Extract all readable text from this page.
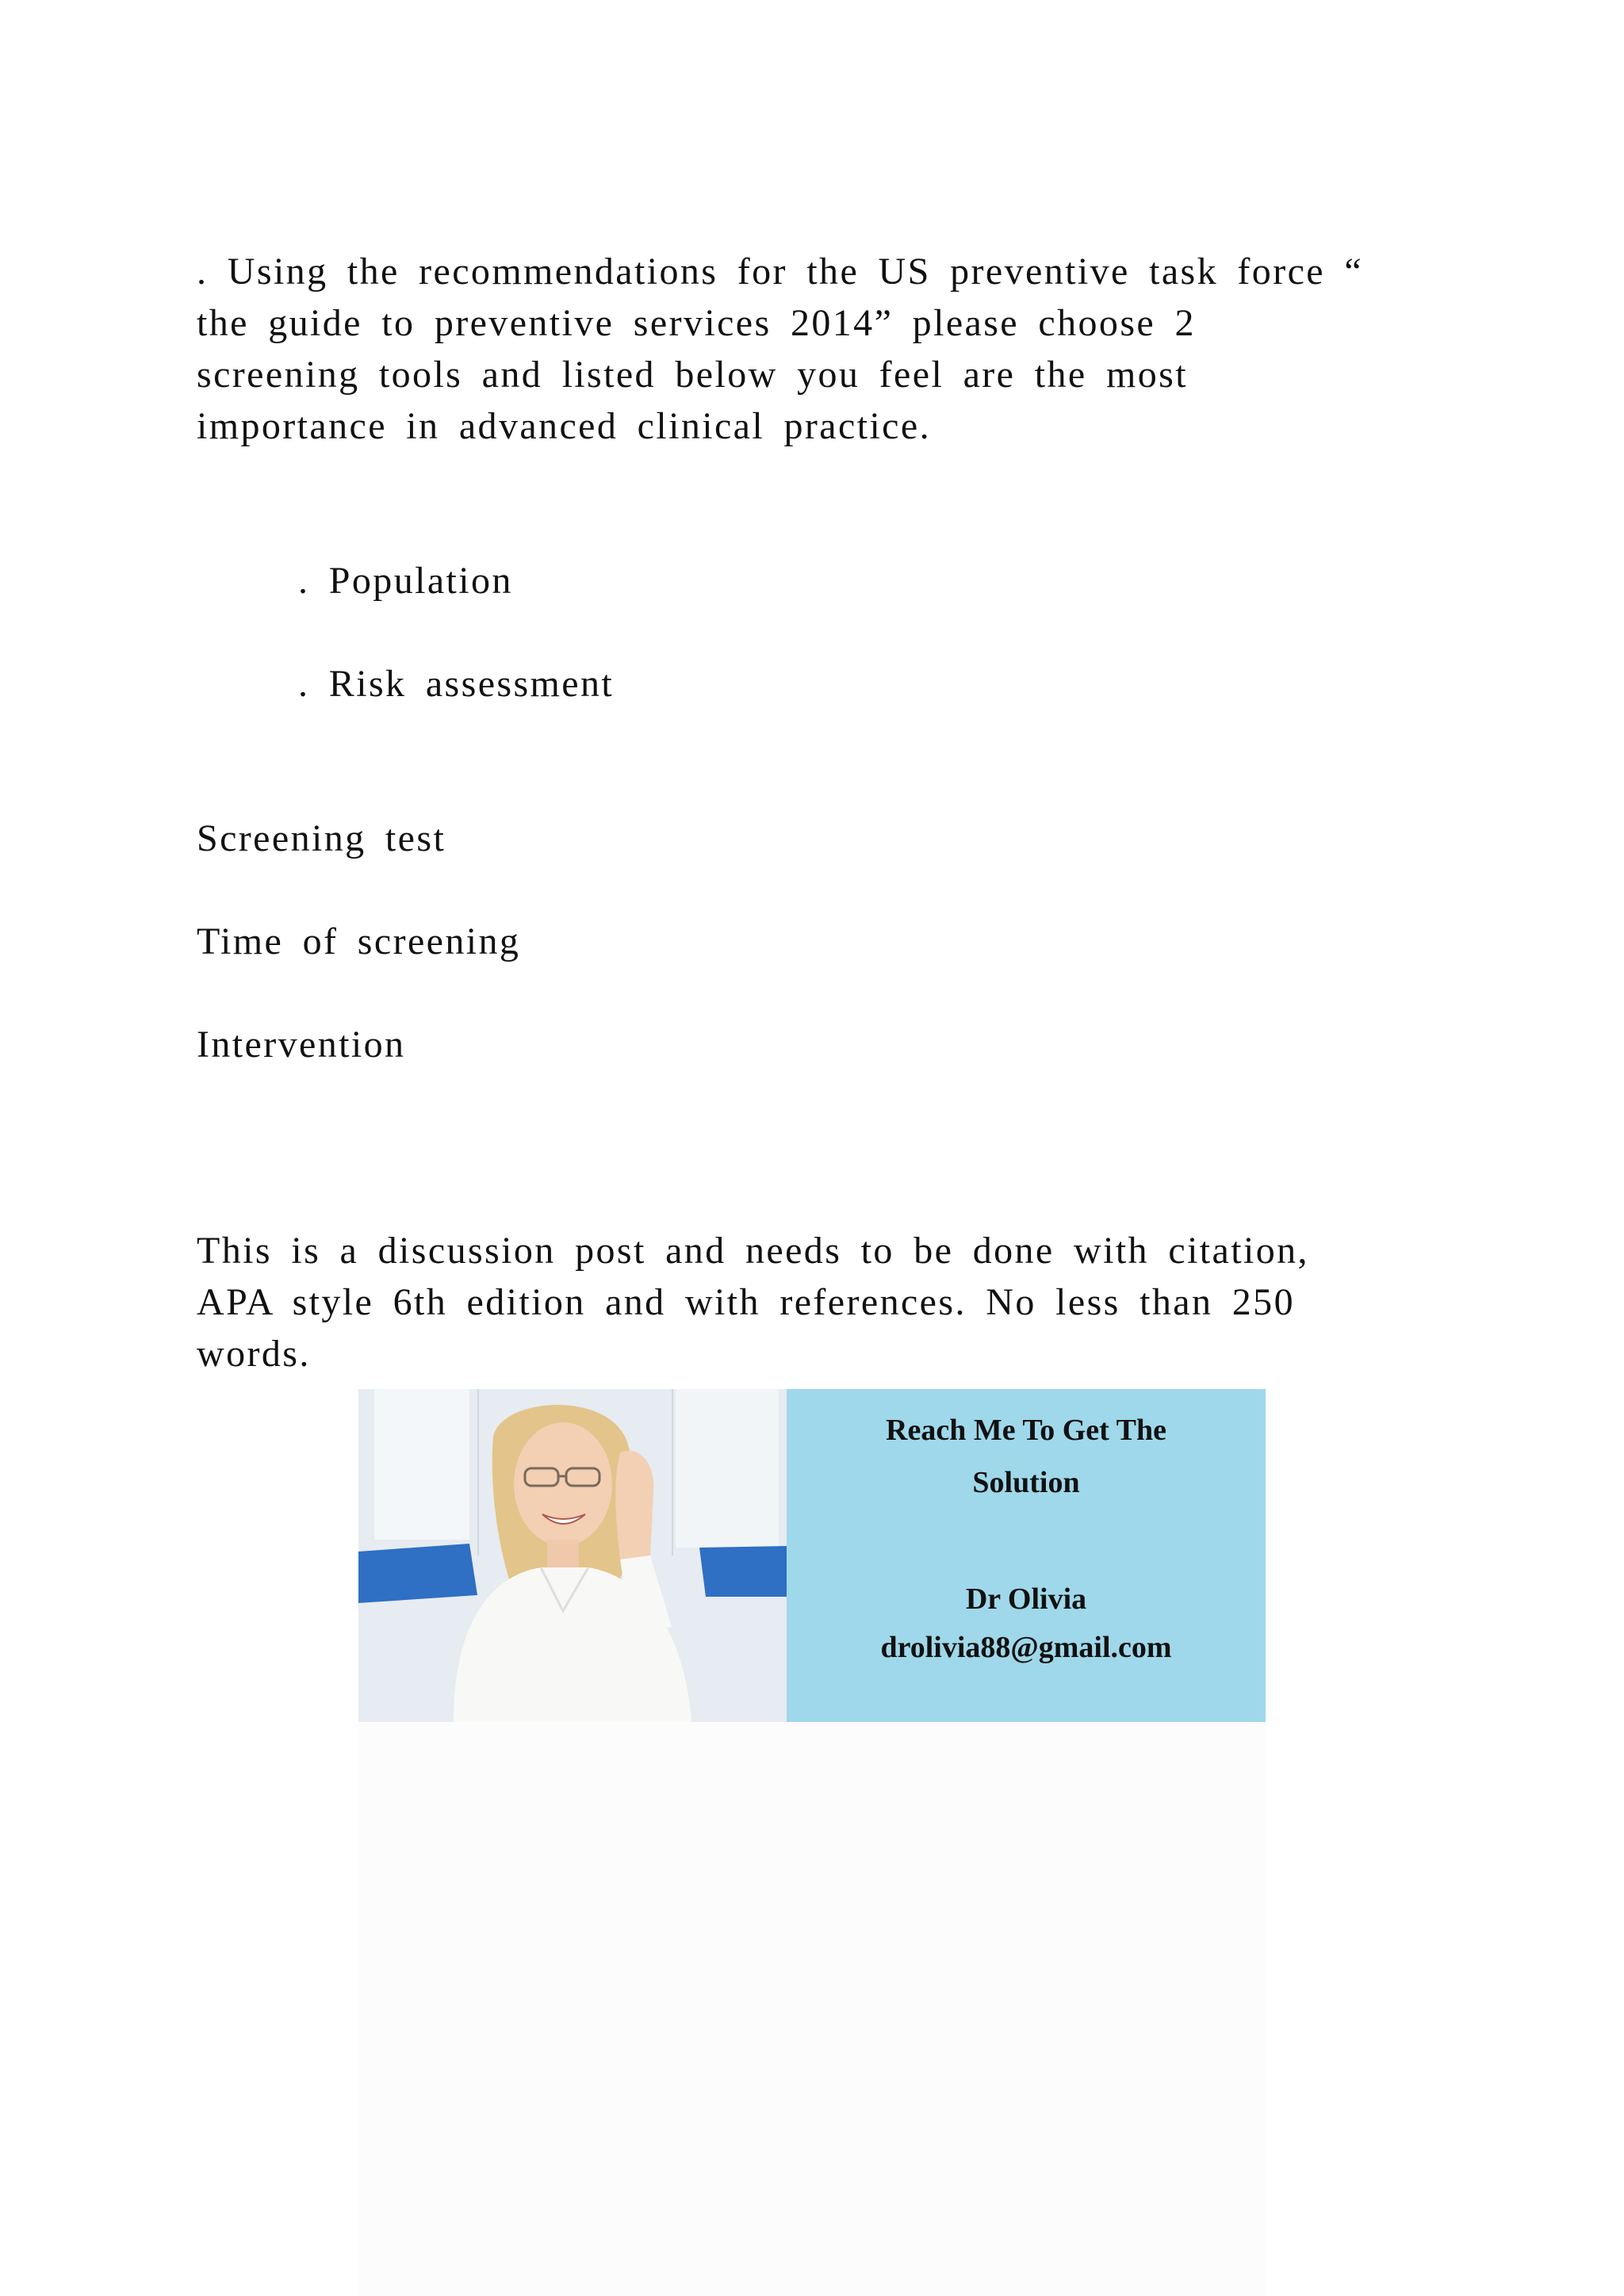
. Using the recommendations for the US preventive task force “
the guide to preventive services 2014” please choose 2
screening tools and listed below you feel are the most
importance in advanced clinical practice.
. Population
. Risk assessment
Screening test
Time of screening
Intervention
This is a discussion post and needs to be done with citation,
APA style 6th edition and with references. No less than 250
words.
Reach Me To Get The
Solution
Dr Olivia
drolivia88@gmail.com
